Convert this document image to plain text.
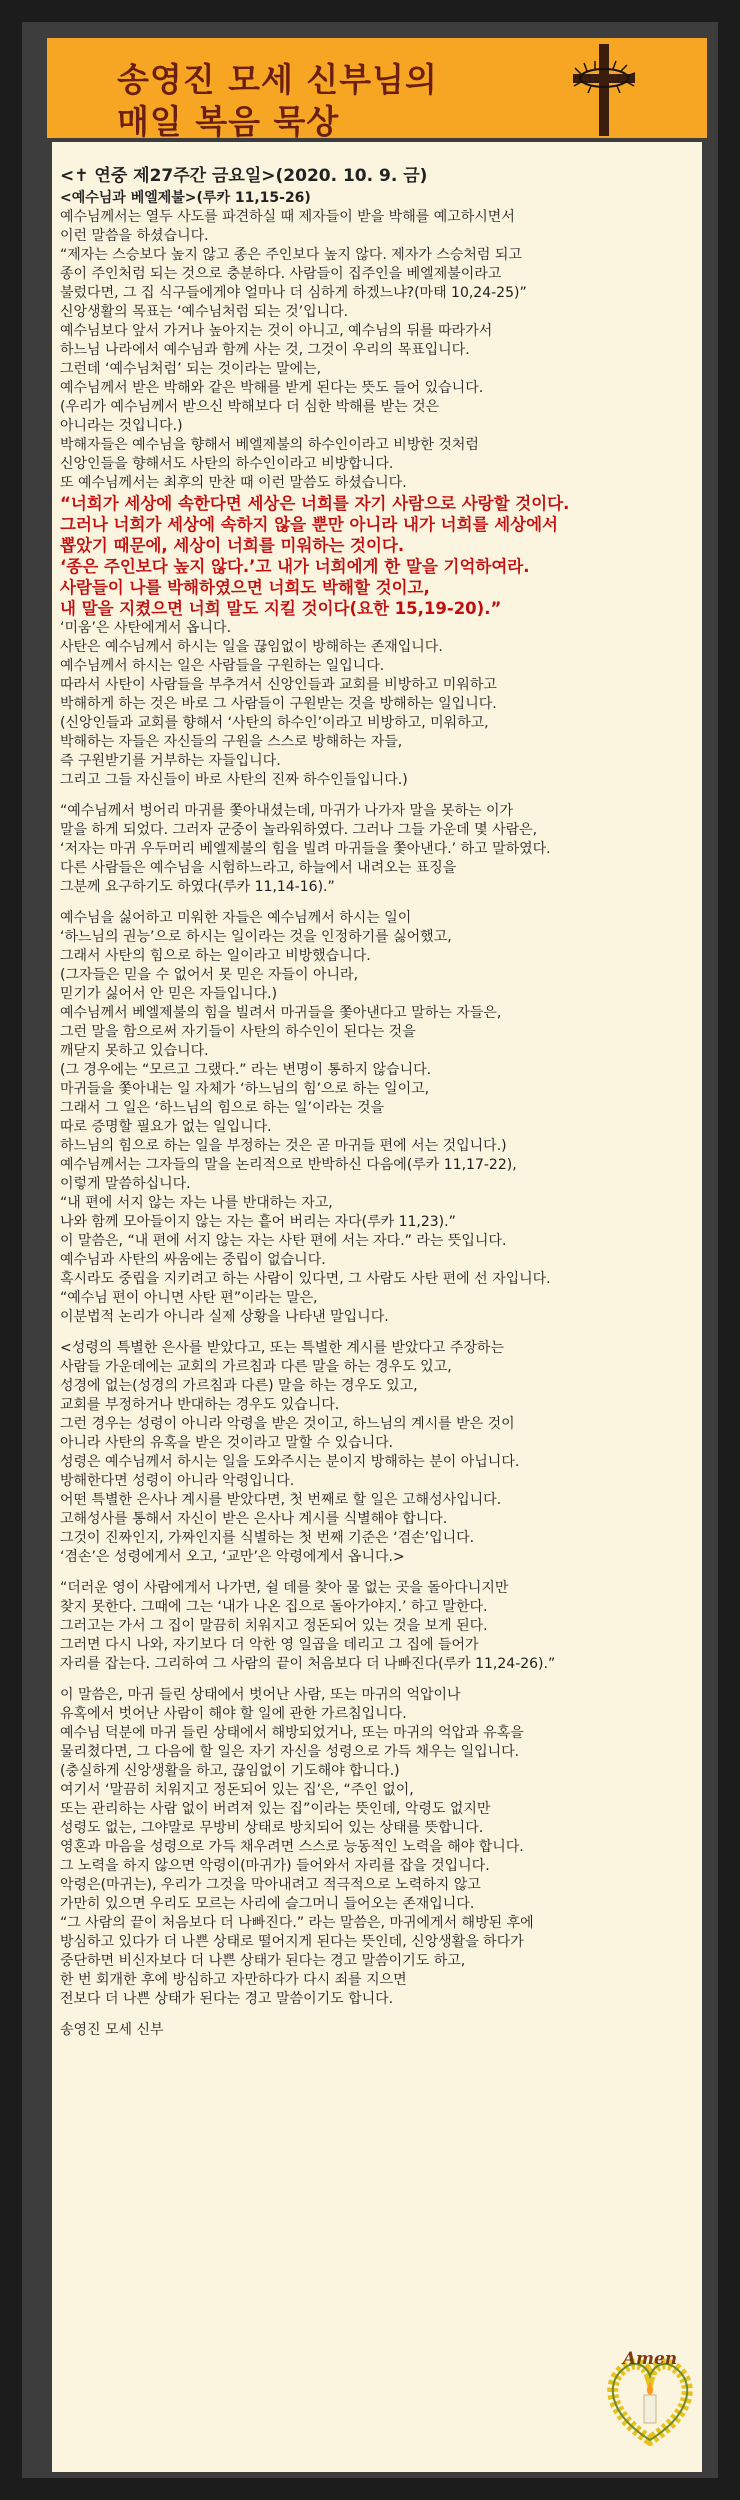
송영진 모세 신부님의
매일 복음 묵상
<✝ 연중 제27주간 금요일>(2020. 10. 9. 금)
<예수님과 베엘제불>(루카 11,15-26)
예수님께서는 열두 사도를 파견하실 때 제자들이 받을 박해를 예고하시면서
이런 말씀을 하셨습니다.
“제자는 스승보다 높지 않고 종은 주인보다 높지 않다. 제자가 스승처럼 되고
종이 주인처럼 되는 것으로 충분하다. 사람들이 집주인을 베엘제불이라고
불렀다면, 그 집 식구들에게야 얼마나 더 심하게 하겠느냐?(마태 10,24-25)”
신앙생활의 목표는 ‘예수님처럼 되는 것’입니다.
예수님보다 앞서 가거나 높아지는 것이 아니고, 예수님의 뒤를 따라가서
하느님 나라에서 예수님과 함께 사는 것, 그것이 우리의 목표입니다.
그런데 ‘예수님처럼’ 되는 것이라는 말에는,
예수님께서 받은 박해와 같은 박해를 받게 된다는 뜻도 들어 있습니다.
(우리가 예수님께서 받으신 박해보다 더 심한 박해를 받는 것은
아니라는 것입니다.)
박해자들은 예수님을 향해서 베엘제불의 하수인이라고 비방한 것처럼
신앙인들을 향해서도 사탄의 하수인이라고 비방합니다.
또 예수님께서는 최후의 만찬 때 이런 말씀도 하셨습니다.
“너희가 세상에 속한다면 세상은 너희를 자기 사람으로 사랑할 것이다.
그러나 너희가 세상에 속하지 않을 뿐만 아니라 내가 너희를 세상에서
뽑았기 때문에, 세상이 너희를 미워하는 것이다.
‘종은 주인보다 높지 않다.’고 내가 너희에게 한 말을 기억하여라.
사람들이 나를 박해하였으면 너희도 박해할 것이고,
내 말을 지켰으면 너희 말도 지킬 것이다(요한 15,19-20).”
‘미움’은 사탄에게서 옵니다.
사탄은 예수님께서 하시는 일을 끊임없이 방해하는 존재입니다.
예수님께서 하시는 일은 사람들을 구원하는 일입니다.
따라서 사탄이 사람들을 부추겨서 신앙인들과 교회를 비방하고 미워하고
박해하게 하는 것은 바로 그 사람들이 구원받는 것을 방해하는 일입니다.
(신앙인들과 교회를 향해서 ‘사탄의 하수인’이라고 비방하고, 미워하고,
박해하는 자들은 자신들의 구원을 스스로 방해하는 자들,
즉 구원받기를 거부하는 자들입니다.
그리고 그들 자신들이 바로 사탄의 진짜 하수인들입니다.)
“예수님께서 벙어리 마귀를 쫓아내셨는데, 마귀가 나가자 말을 못하는 이가
말을 하게 되었다. 그러자 군중이 놀라워하였다. 그러나 그들 가운데 몇 사람은,
‘저자는 마귀 우두머리 베엘제불의 힘을 빌려 마귀들을 쫓아낸다.’ 하고 말하였다.
다른 사람들은 예수님을 시험하느라고, 하늘에서 내려오는 표징을
그분께 요구하기도 하였다(루카 11,14-16).”
예수님을 싫어하고 미워한 자들은 예수님께서 하시는 일이
‘하느님의 권능’으로 하시는 일이라는 것을 인정하기를 싫어했고,
그래서 사탄의 힘으로 하는 일이라고 비방했습니다.
(그자들은 믿을 수 없어서 못 믿은 자들이 아니라,
믿기가 싫어서 안 믿은 자들입니다.)
예수님께서 베엘제불의 힘을 빌려서 마귀들을 쫓아낸다고 말하는 자들은,
그런 말을 함으로써 자기들이 사탄의 하수인이 된다는 것을
깨닫지 못하고 있습니다.
(그 경우에는 “모르고 그랬다.” 라는 변명이 통하지 않습니다.
마귀들을 쫓아내는 일 자체가 ‘하느님의 힘’으로 하는 일이고,
그래서 그 일은 ‘하느님의 힘으로 하는 일’이라는 것을
따로 증명할 필요가 없는 일입니다.
하느님의 힘으로 하는 일을 부정하는 것은 곧 마귀들 편에 서는 것입니다.)
예수님께서는 그자들의 말을 논리적으로 반박하신 다음에(루카 11,17-22),
이렇게 말씀하십니다.
“내 편에 서지 않는 자는 나를 반대하는 자고,
나와 함께 모아들이지 않는 자는 흩어 버리는 자다(루카 11,23).”
이 말씀은, “내 편에 서지 않는 자는 사탄 편에 서는 자다.” 라는 뜻입니다.
예수님과 사탄의 싸움에는 중립이 없습니다.
혹시라도 중립을 지키려고 하는 사람이 있다면, 그 사람도 사탄 편에 선 자입니다.
“예수님 편이 아니면 사탄 편”이라는 말은,
이분법적 논리가 아니라 실제 상황을 나타낸 말입니다.
<성령의 특별한 은사를 받았다고, 또는 특별한 계시를 받았다고 주장하는
사람들 가운데에는 교회의 가르침과 다른 말을 하는 경우도 있고,
성경에 없는(성경의 가르침과 다른) 말을 하는 경우도 있고,
교회를 부정하거나 반대하는 경우도 있습니다.
그런 경우는 성령이 아니라 악령을 받은 것이고, 하느님의 계시를 받은 것이
아니라 사탄의 유혹을 받은 것이라고 말할 수 있습니다.
성령은 예수님께서 하시는 일을 도와주시는 분이지 방해하는 분이 아닙니다.
방해한다면 성령이 아니라 악령입니다.
어떤 특별한 은사나 계시를 받았다면, 첫 번째로 할 일은 고해성사입니다.
고해성사를 통해서 자신이 받은 은사나 계시를 식별해야 합니다.
그것이 진짜인지, 가짜인지를 식별하는 첫 번째 기준은 ‘겸손’입니다.
‘겸손’은 성령에게서 오고, ‘교만’은 악령에게서 옵니다.>
“더러운 영이 사람에게서 나가면, 쉴 데를 찾아 물 없는 곳을 돌아다니지만
찾지 못한다. 그때에 그는 ‘내가 나온 집으로 돌아가야지.’ 하고 말한다.
그러고는 가서 그 집이 말끔히 치워지고 정돈되어 있는 것을 보게 된다.
그러면 다시 나와, 자기보다 더 악한 영 일곱을 데리고 그 집에 들어가
자리를 잡는다. 그리하여 그 사람의 끝이 처음보다 더 나빠진다(루카 11,24-26).”
이 말씀은, 마귀 들린 상태에서 벗어난 사람, 또는 마귀의 억압이나
유혹에서 벗어난 사람이 해야 할 일에 관한 가르침입니다.
예수님 덕분에 마귀 들린 상태에서 해방되었거나, 또는 마귀의 억압과 유혹을
물리쳤다면, 그 다음에 할 일은 자기 자신을 성령으로 가득 채우는 일입니다.
(충실하게 신앙생활을 하고, 끊임없이 기도해야 합니다.)
여기서 ‘말끔히 치워지고 정돈되어 있는 집’은, “주인 없이,
또는 관리하는 사람 없이 버려져 있는 집”이라는 뜻인데, 악령도 없지만
성령도 없는, 그야말로 무방비 상태로 방치되어 있는 상태를 뜻합니다.
영혼과 마음을 성령으로 가득 채우려면 스스로 능동적인 노력을 해야 합니다.
그 노력을 하지 않으면 악령이(마귀가) 들어와서 자리를 잡을 것입니다.
악령은(마귀는), 우리가 그것을 막아내려고 적극적으로 노력하지 않고
가만히 있으면 우리도 모르는 사리에 슬그머니 들어오는 존재입니다.
“그 사람의 끝이 처음보다 더 나빠진다.” 라는 말씀은, 마귀에게서 해방된 후에
방심하고 있다가 더 나쁜 상태로 떨어지게 된다는 뜻인데, 신앙생활을 하다가
중단하면 비신자보다 더 나쁜 상태가 된다는 경고 말씀이기도 하고,
한 번 회개한 후에 방심하고 자만하다가 다시 죄를 지으면
전보다 더 나쁜 상태가 된다는 경고 말씀이기도 합니다.
송영진 모세 신부
Amen
